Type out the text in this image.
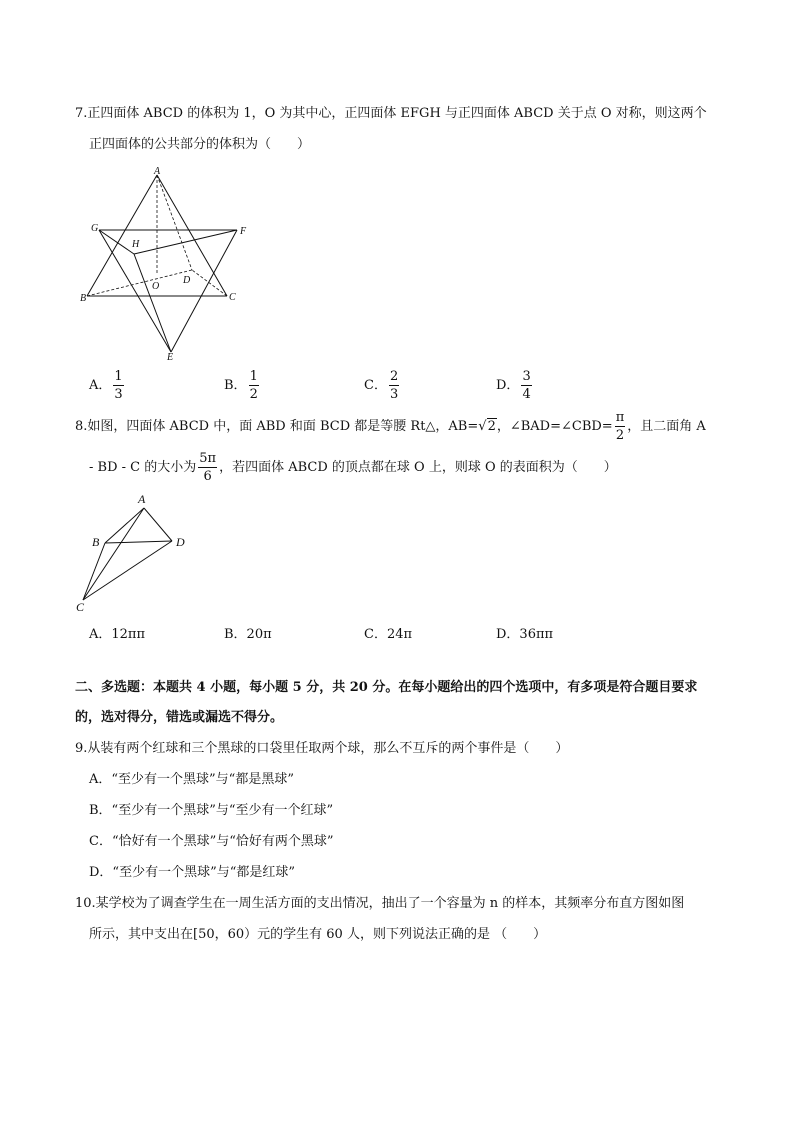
7.正四面体 ABCD 的体积为 1，O 为其中心，正四面体 EFGH 与正四面体 ABCD 关于点 O 对称，则这两个
正四面体的公共部分的体积为（　　）
A
G	F
H
O
D
B	C
E
A． $\frac{1}{3}$	B． $\frac{1}{2}$	C． $\frac{2}{3}$	D． $\frac{3}{4}$
8.如图，四面体 ABCD 中，面 ABD 和面 BCD 都是等腰 Rt△，AB=√2，∠BAD=∠CBD= $\frac{\pi}{2}$ ，且二面角 A
- BD - C 的大小为 $\frac{5\pi}{6}$ ，若四面体 ABCD 的顶点都在球 O 上，则球 O 的表面积为（　　）
A
B	D
C
A．12ππ	B．20π	C．24π	D．36ππ
二、多选题：本题共 4 小题，每小题 5 分，共 20 分。在每小题给出的四个选项中，有多项是符合题目要求
的，选对得分，错选或漏选不得分。
9.从装有两个红球和三个黑球的口袋里任取两个球，那么不互斥的两个事件是（　　）
A．“至少有一个黑球”与“都是黑球”
B．“至少有一个黑球”与“至少有一个红球”
C．“恰好有一个黑球”与“恰好有两个黑球”
D．“至少有一个黑球”与“都是红球”
10.某学校为了调查学生在一周生活方面的支出情况，抽出了一个容量为 n 的样本，其频率分布直方图如图
所示，其中支出在[50，60）元的学生有 60 人，则下列说法正确的是 （　　）
